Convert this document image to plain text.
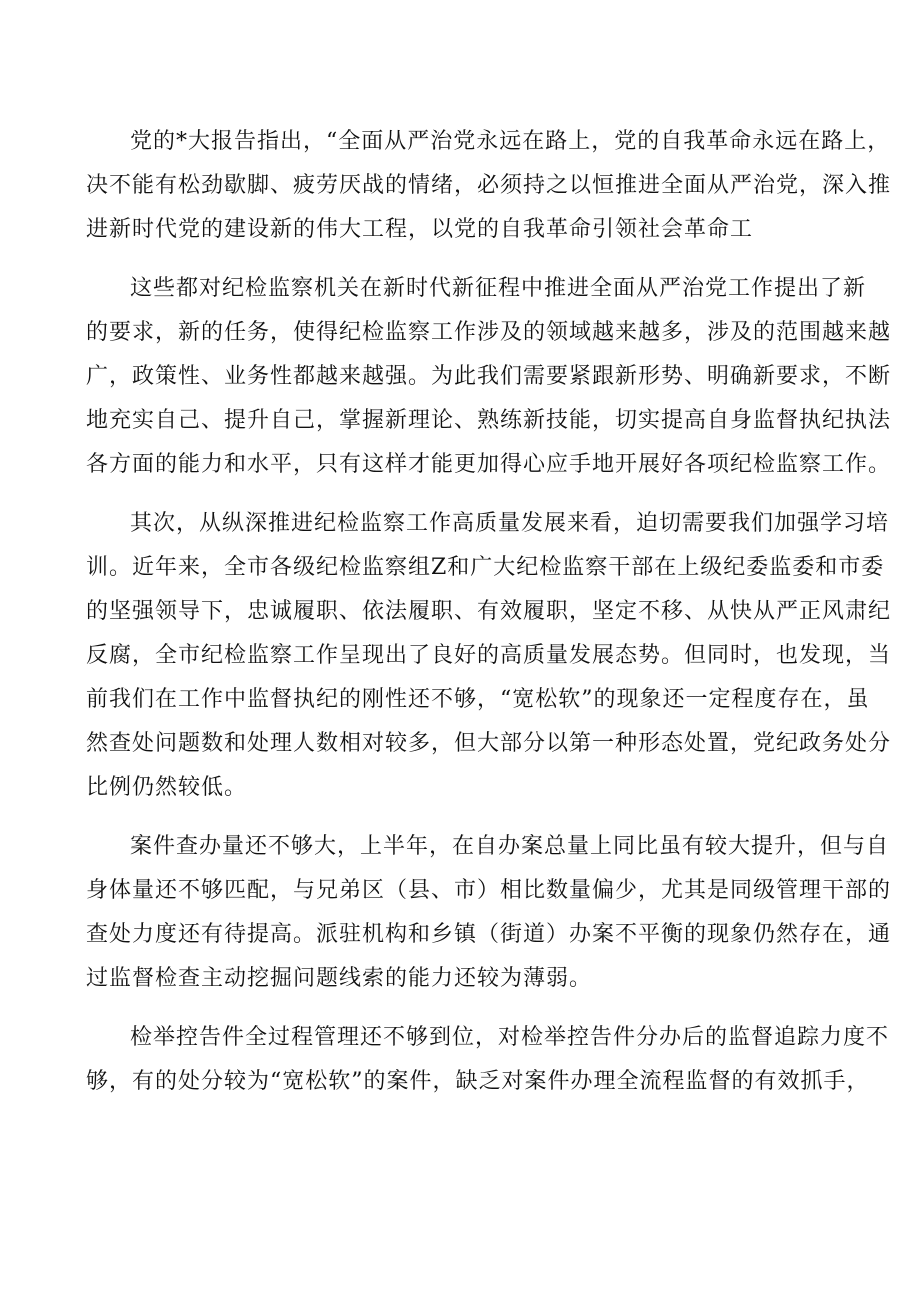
党的*大报告指出，“全面从严治党永远在路上，党的自我革命永远在路上，
决不能有松劲歇脚、疲劳厌战的情绪，必须持之以恒推进全面从严治党，深入推
进新时代党的建设新的伟大工程，以党的自我革命引领社会革命工

这些都对纪检监察机关在新时代新征程中推进全面从严治党工作提出了新
的要求，新的任务，使得纪检监察工作涉及的领域越来越多，涉及的范围越来越
广，政策性、业务性都越来越强。为此我们需要紧跟新形势、明确新要求，不断
地充实自己、提升自己，掌握新理论、熟练新技能，切实提高自身监督执纪执法
各方面的能力和水平，只有这样才能更加得心应手地开展好各项纪检监察工作。

其次，从纵深推进纪检监察工作高质量发展来看，迫切需要我们加强学习培
训。近年来，全市各级纪检监察组Z和广大纪检监察干部在上级纪委监委和市委
的坚强领导下，忠诚履职、依法履职、有效履职，坚定不移、从快从严正风肃纪
反腐，全市纪检监察工作呈现出了良好的高质量发展态势。但同时，也发现，当
前我们在工作中监督执纪的刚性还不够，“宽松软”的现象还一定程度存在，虽
然查处问题数和处理人数相对较多，但大部分以第一种形态处置，党纪政务处分
比例仍然较低。

案件查办量还不够大，上半年，在自办案总量上同比虽有较大提升，但与自
身体量还不够匹配，与兄弟区（县、市）相比数量偏少，尤其是同级管理干部的
查处力度还有待提高。派驻机构和乡镇（街道）办案不平衡的现象仍然存在，通
过监督检查主动挖掘问题线索的能力还较为薄弱。

检举控告件全过程管理还不够到位，对检举控告件分办后的监督追踪力度不
够，有的处分较为“宽松软”的案件，缺乏对案件办理全流程监督的有效抓手，
